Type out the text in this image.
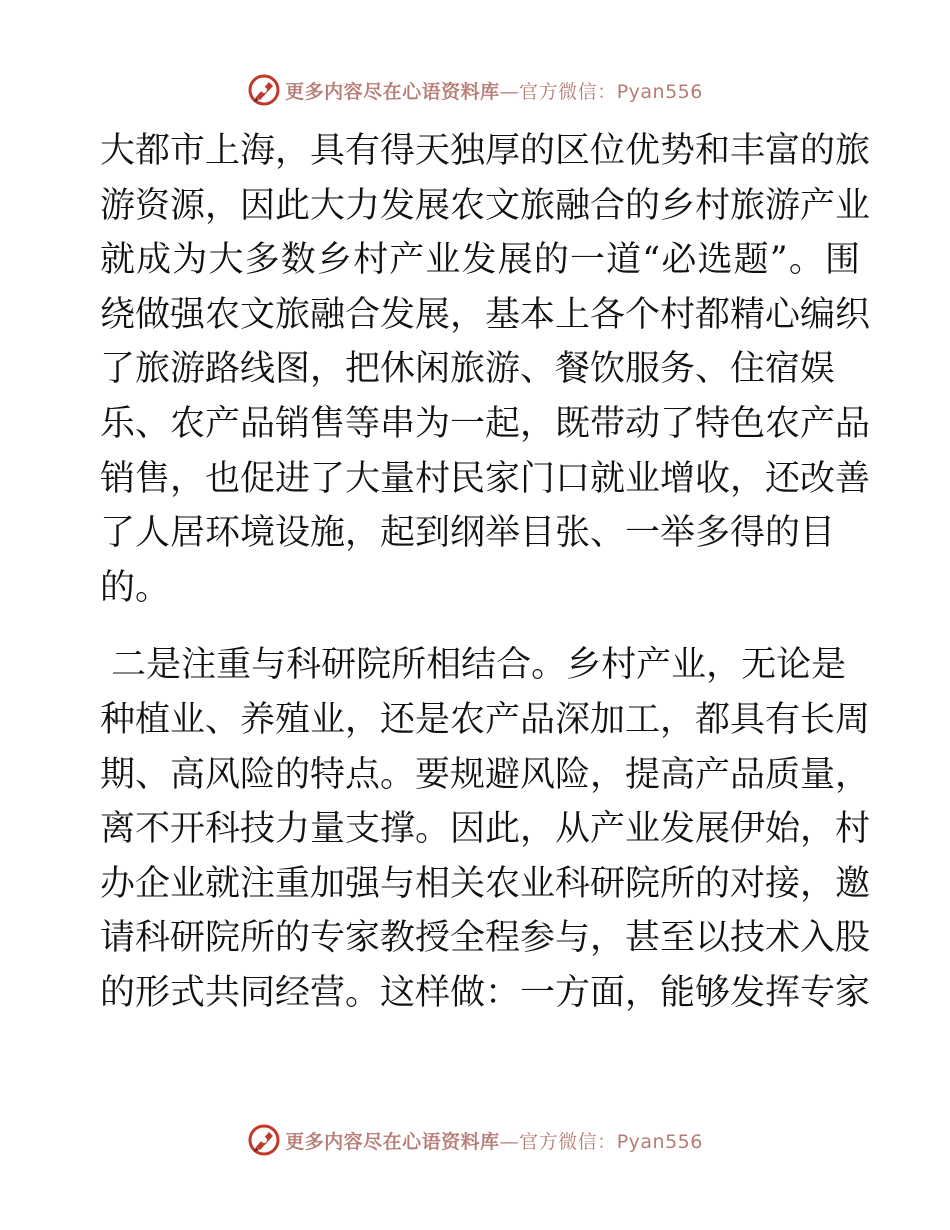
更多内容尽在心语资料库—官方微信：Pyan556
大都市上海，具有得天独厚的区位优势和丰富的旅
游资源，因此大力发展农文旅融合的乡村旅游产业
就成为大多数乡村产业发展的一道“必选题”。围
绕做强农文旅融合发展，基本上各个村都精心编织
了旅游路线图，把休闲旅游、餐饮服务、住宿娱
乐、农产品销售等串为一起，既带动了特色农产品
销售，也促进了大量村民家门口就业增收，还改善
了人居环境设施，起到纲举目张、一举多得的目
的。
二是注重与科研院所相结合。乡村产业，无论是
种植业、养殖业，还是农产品深加工，都具有长周
期、高风险的特点。要规避风险，提高产品质量，
离不开科技力量支撑。因此，从产业发展伊始，村
办企业就注重加强与相关农业科研院所的对接，邀
请科研院所的专家教授全程参与，甚至以技术入股
的形式共同经营。这样做：一方面，能够发挥专家
更多内容尽在心语资料库—官方微信：Pyan556
